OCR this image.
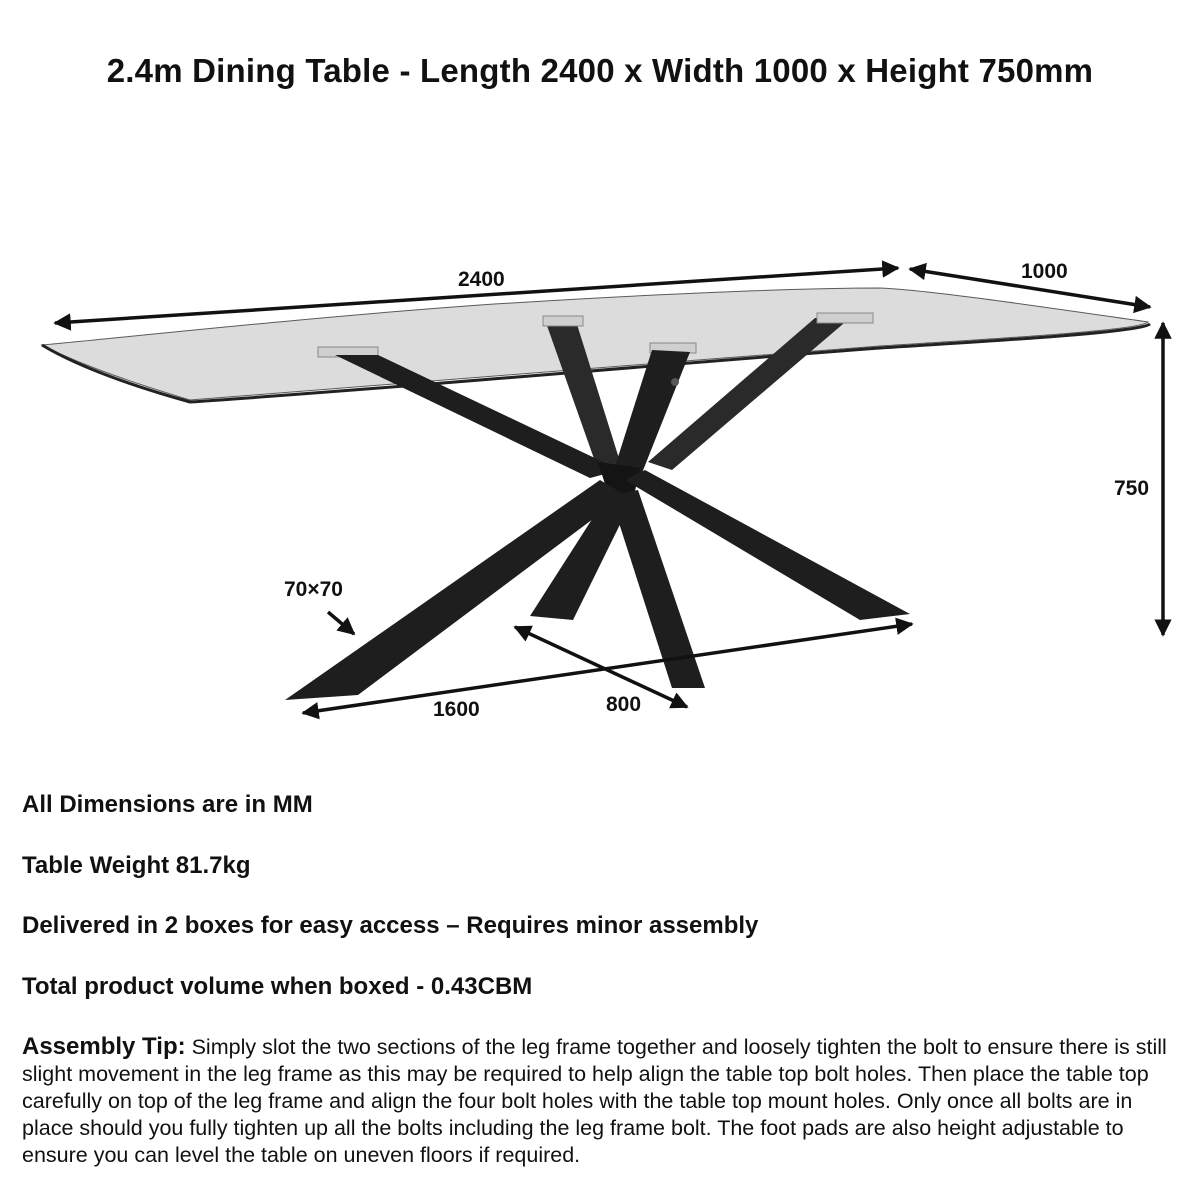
2.4m Dining Table - Length 2400 x Width 1000 x Height 750mm
2400	1000
750
70×70
1600	800
All Dimensions are in MM
Table Weight 81.7kg
Delivered in 2 boxes for easy access – Requires minor assembly
Total product volume when boxed - 0.43CBM
Assembly Tip: Simply slot the two sections of the leg frame together and loosely tighten the bolt to ensure there is still slight movement in the leg frame as this may be required to help align the table top bolt holes. Then place the table top carefully on top of the leg frame and align the four bolt holes with the table top mount holes. Only once all bolts are in place should you fully tighten up all the bolts including the leg frame bolt. The foot pads are also height adjustable to ensure you can level the table on uneven floors if required.
